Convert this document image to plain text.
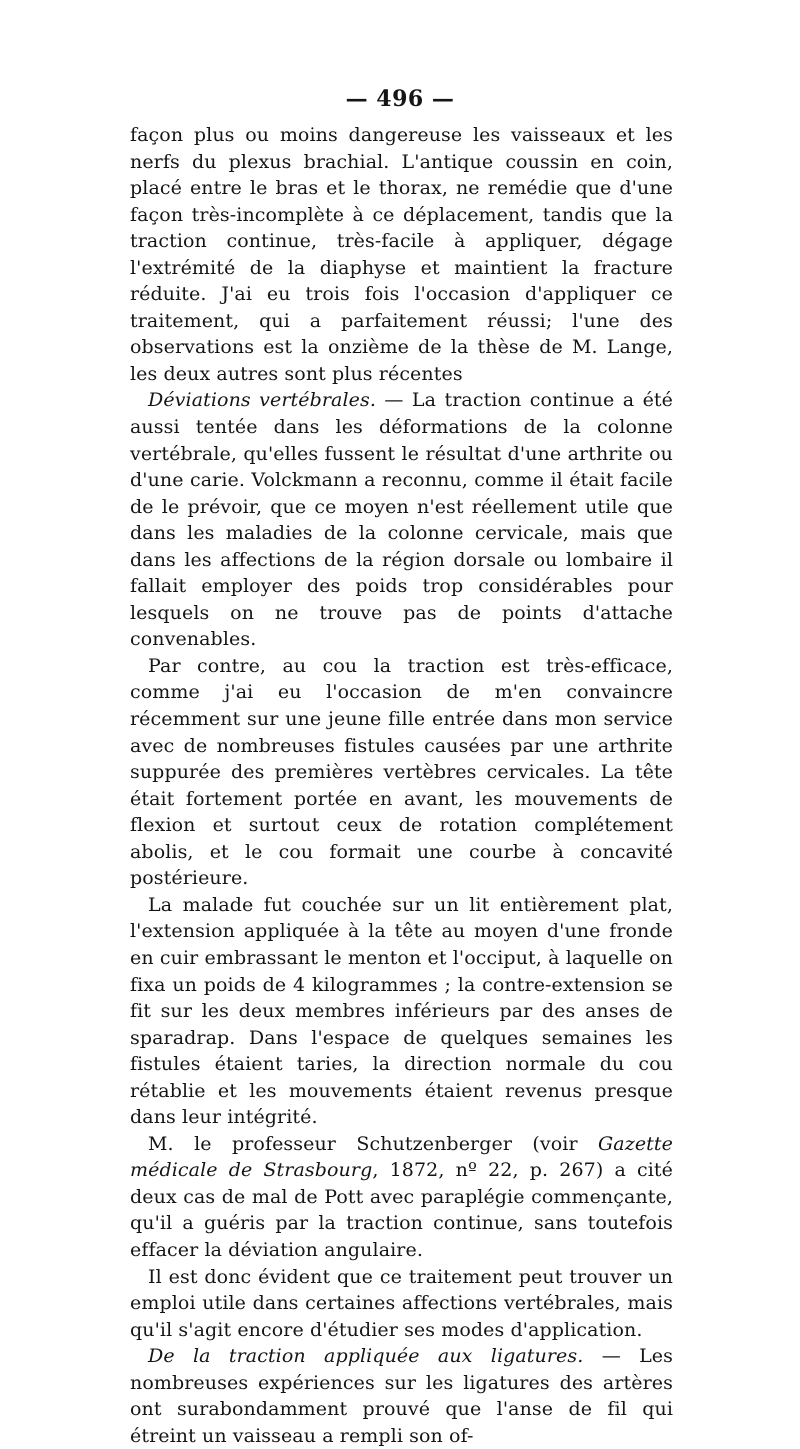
— 496 —

façon plus ou moins dangereuse les vaisseaux et les nerfs du plexus brachial. L'antique coussin en coin, placé entre le bras et le thorax, ne remédie que d'une façon très-incomplète à ce déplacement, tandis que la traction continue, très-facile à appliquer, dégage l'extrémité de la diaphyse et maintient la fracture réduite. J'ai eu trois fois l'occasion d'appliquer ce traitement, qui a parfaitement réussi; l'une des observations est la onzième de la thèse de M. Lange, les deux autres sont plus récentes

Déviations vertébrales. — La traction continue a été aussi tentée dans les déformations de la colonne vertébrale, qu'elles fussent le résultat d'une arthrite ou d'une carie. Volckmann a reconnu, comme il était facile de le prévoir, que ce moyen n'est réellement utile que dans les maladies de la colonne cervicale, mais que dans les affections de la région dorsale ou lombaire il fallait employer des poids trop considérables pour lesquels on ne trouve pas de points d'attache convenables.

Par contre, au cou la traction est très-efficace, comme j'ai eu l'occasion de m'en convaincre récemment sur une jeune fille entrée dans mon service avec de nombreuses fistules causées par une arthrite suppurée des premières vertèbres cervicales. La tête était fortement portée en avant, les mouvements de flexion et surtout ceux de rotation complétement abolis, et le cou formait une courbe à concavité postérieure.

La malade fut couchée sur un lit entièrement plat, l'extension appliquée à la tête au moyen d'une fronde en cuir embrassant le menton et l'occiput, à laquelle on fixa un poids de 4 kilogrammes ; la contre-extension se fit sur les deux membres inférieurs par des anses de sparadrap. Dans l'espace de quelques semaines les fistules étaient taries, la direction normale du cou rétablie et les mouvements étaient revenus presque dans leur intégrité.

M. le professeur Schutzenberger (voir Gazette médicale de Strasbourg, 1872, nº 22, p. 267) a cité deux cas de mal de Pott avec paraplégie commençante, qu'il a guéris par la traction continue, sans toutefois effacer la déviation angulaire.

Il est donc évident que ce traitement peut trouver un emploi utile dans certaines affections vertébrales, mais qu'il s'agit encore d'étudier ses modes d'application.

De la traction appliquée aux ligatures. — Les nombreuses expériences sur les ligatures des artères ont surabondamment prouvé que l'anse de fil qui étreint un vaisseau a rempli son of-
